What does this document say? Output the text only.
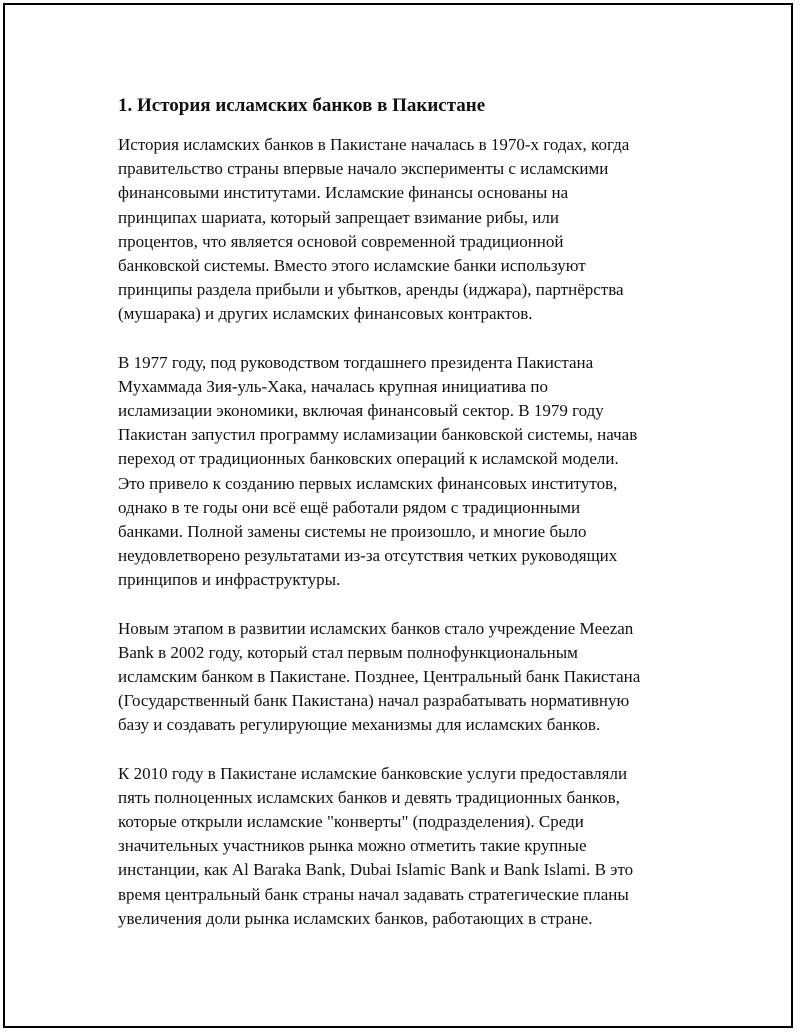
1. История исламских банков в Пакистане
История исламских банков в Пакистане началась в 1970-х годах, когда
правительство страны впервые начало эксперименты с исламскими
финансовыми институтами. Исламские финансы основаны на
принципах шариата, который запрещает взимание рибы, или
процентов, что является основой современной традиционной
банковской системы. Вместо этого исламские банки используют
принципы раздела прибыли и убытков, аренды (иджара), партнёрства
(мушарака) и других исламских финансовых контрактов.
В 1977 году, под руководством тогдашнего президента Пакистана
Мухаммада Зия-уль-Хака, началась крупная инициатива по
исламизации экономики, включая финансовый сектор. В 1979 году
Пакистан запустил программу исламизации банковской системы, начав
переход от традиционных банковских операций к исламской модели.
Это привело к созданию первых исламских финансовых институтов,
однако в те годы они всё ещё работали рядом с традиционными
банками. Полной замены системы не произошло, и многие было
неудовлетворено результатами из-за отсутствия четких руководящих
принципов и инфраструктуры.
Новым этапом в развитии исламских банков стало учреждение Meezan
Bank в 2002 году, который стал первым полнофункциональным
исламским банком в Пакистане. Позднее, Центральный банк Пакистана
(Государственный банк Пакистана) начал разрабатывать нормативную
базу и создавать регулирующие механизмы для исламских банков.
К 2010 году в Пакистане исламские банковские услуги предоставляли
пять полноценных исламских банков и девять традиционных банков,
которые открыли исламские "конверты" (подразделения). Среди
значительных участников рынка можно отметить такие крупные
инстанции, как Al Baraka Bank, Dubai Islamic Bank и Bank Islami. В это
время центральный банк страны начал задавать стратегические планы
увеличения доли рынка исламских банков, работающих в стране.
